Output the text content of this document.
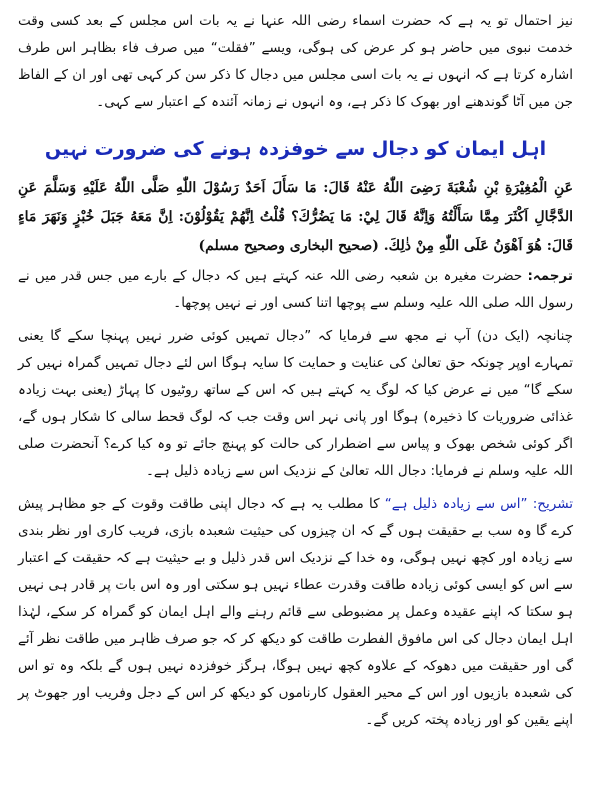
نیز احتمال تو یہ ہے کہ حضرت اسماء رضی اللہ عنہا نے یہ بات اس مجلس کے بعد کسی وقت خدمت نبوی میں حاضر ہو کر عرض کی ہوگی، ویسے ”فقلت“ میں صرف فاء بظاہر اس طرف اشارہ کرتا ہے کہ انہوں نے یہ بات اسی مجلس میں دجال کا ذکر سن کر کہی تھی اور ان کے الفاظ جن میں آٹا گوندھنے اور بھوک کا ذکر ہے، وہ انہوں نے زمانہ آئندہ کے اعتبار سے کہی۔

اہل ایمان کو دجال سے خوفزدہ ہونے کی ضرورت نہیں

عَنِ الْمُغِيْرَةِ بْنِ شُعْبَةَ رَضِىَ اللّٰهُ عَنْهُ قَالَ: مَا سَأَلَ اَحَدٌ رَسُوْلَ اللّٰهِ صَلَّى اللّٰهُ عَلَيْهِ وَسَلَّمَ عَنِ الدَّجَّالِ اَكْثَرَ مِمَّا سَأَلْتُهُ وَاِنَّهُ قَالَ لِيْ: مَا يَضُرُّكَ؟ قُلْتُ اِنَّهُمْ يَقُوْلُوْنَ: اِنَّ مَعَهُ جَبَلَ خُبْزٍ وَنَهَرَ مَاءٍ قَالَ: هُوَ اَهْوَنُ عَلَى اللّٰهِ مِنْ ذٰلِكَ. (صحیح البخاری وصحیح مسلم)

ترجمہ: حضرت مغیرہ بن شعبہ رضی اللہ عنہ کہتے ہیں کہ دجال کے بارے میں جس قدر میں نے رسول اللہ صلی اللہ علیہ وسلم سے پوچھا اتنا کسی اور نے نہیں پوچھا۔

چنانچہ (ایک دن) آپ نے مجھ سے فرمایا کہ ”دجال تمہیں کوئی ضرر نہیں پہنچا سکے گا یعنی تمہارے اوپر چونکہ حق تعالیٰ کی عنایت و حمایت کا سایہ ہوگا اس لئے دجال تمہیں گمراہ نہیں کر سکے گا“ میں نے عرض کیا کہ لوگ یہ کہتے ہیں کہ اس کے ساتھ روٹیوں کا پہاڑ (یعنی بہت زیادہ غذائی ضروریات کا ذخیرہ) ہوگا اور پانی نہر اس وقت جب کہ لوگ قحط سالی کا شکار ہوں گے، اگر کوئی شخص بھوک و پیاس سے اضطرار کی حالت کو پہنچ جائے تو وہ کیا کرے؟ آنحضرت صلی اللہ علیہ وسلم نے فرمایا: دجال اللہ تعالیٰ کے نزدیک اس سے زیادہ ذلیل ہے۔

تشریح: ”اس سے زیادہ ذلیل ہے“ کا مطلب یہ ہے کہ دجال اپنی طاقت وقوت کے جو مظاہر پیش کرے گا وہ سب بے حقیقت ہوں گے کہ ان چیزوں کی حیثیت شعبدہ بازی، فریب کاری اور نظر بندی سے زیادہ اور کچھ نہیں ہوگی، وہ خدا کے نزدیک اس قدر ذلیل و بے حیثیت ہے کہ حقیقت کے اعتبار سے اس کو ایسی کوئی زیادہ طاقت وقدرت عطاء نہیں ہو سکتی اور وہ اس بات پر قادر ہی نہیں ہو سکتا کہ اپنے عقیدہ وعمل پر مضبوطی سے قائم رہنے والے اہل ایمان کو گمراہ کر سکے، لہٰذا اہل ایمان دجال کی اس مافوق الفطرت طاقت کو دیکھ کر کہ جو صرف ظاہر میں طاقت نظر آئے گی اور حقیقت میں دھوکہ کے علاوہ کچھ نہیں ہوگا، ہرگز خوفزدہ نہیں ہوں گے بلکہ وہ تو اس کی شعبدہ بازیوں اور اس کے محیر العقول کارناموں کو دیکھ کر اس کے دجل وفریب اور جھوٹ پر اپنے یقین کو اور زیادہ پختہ کریں گے۔
